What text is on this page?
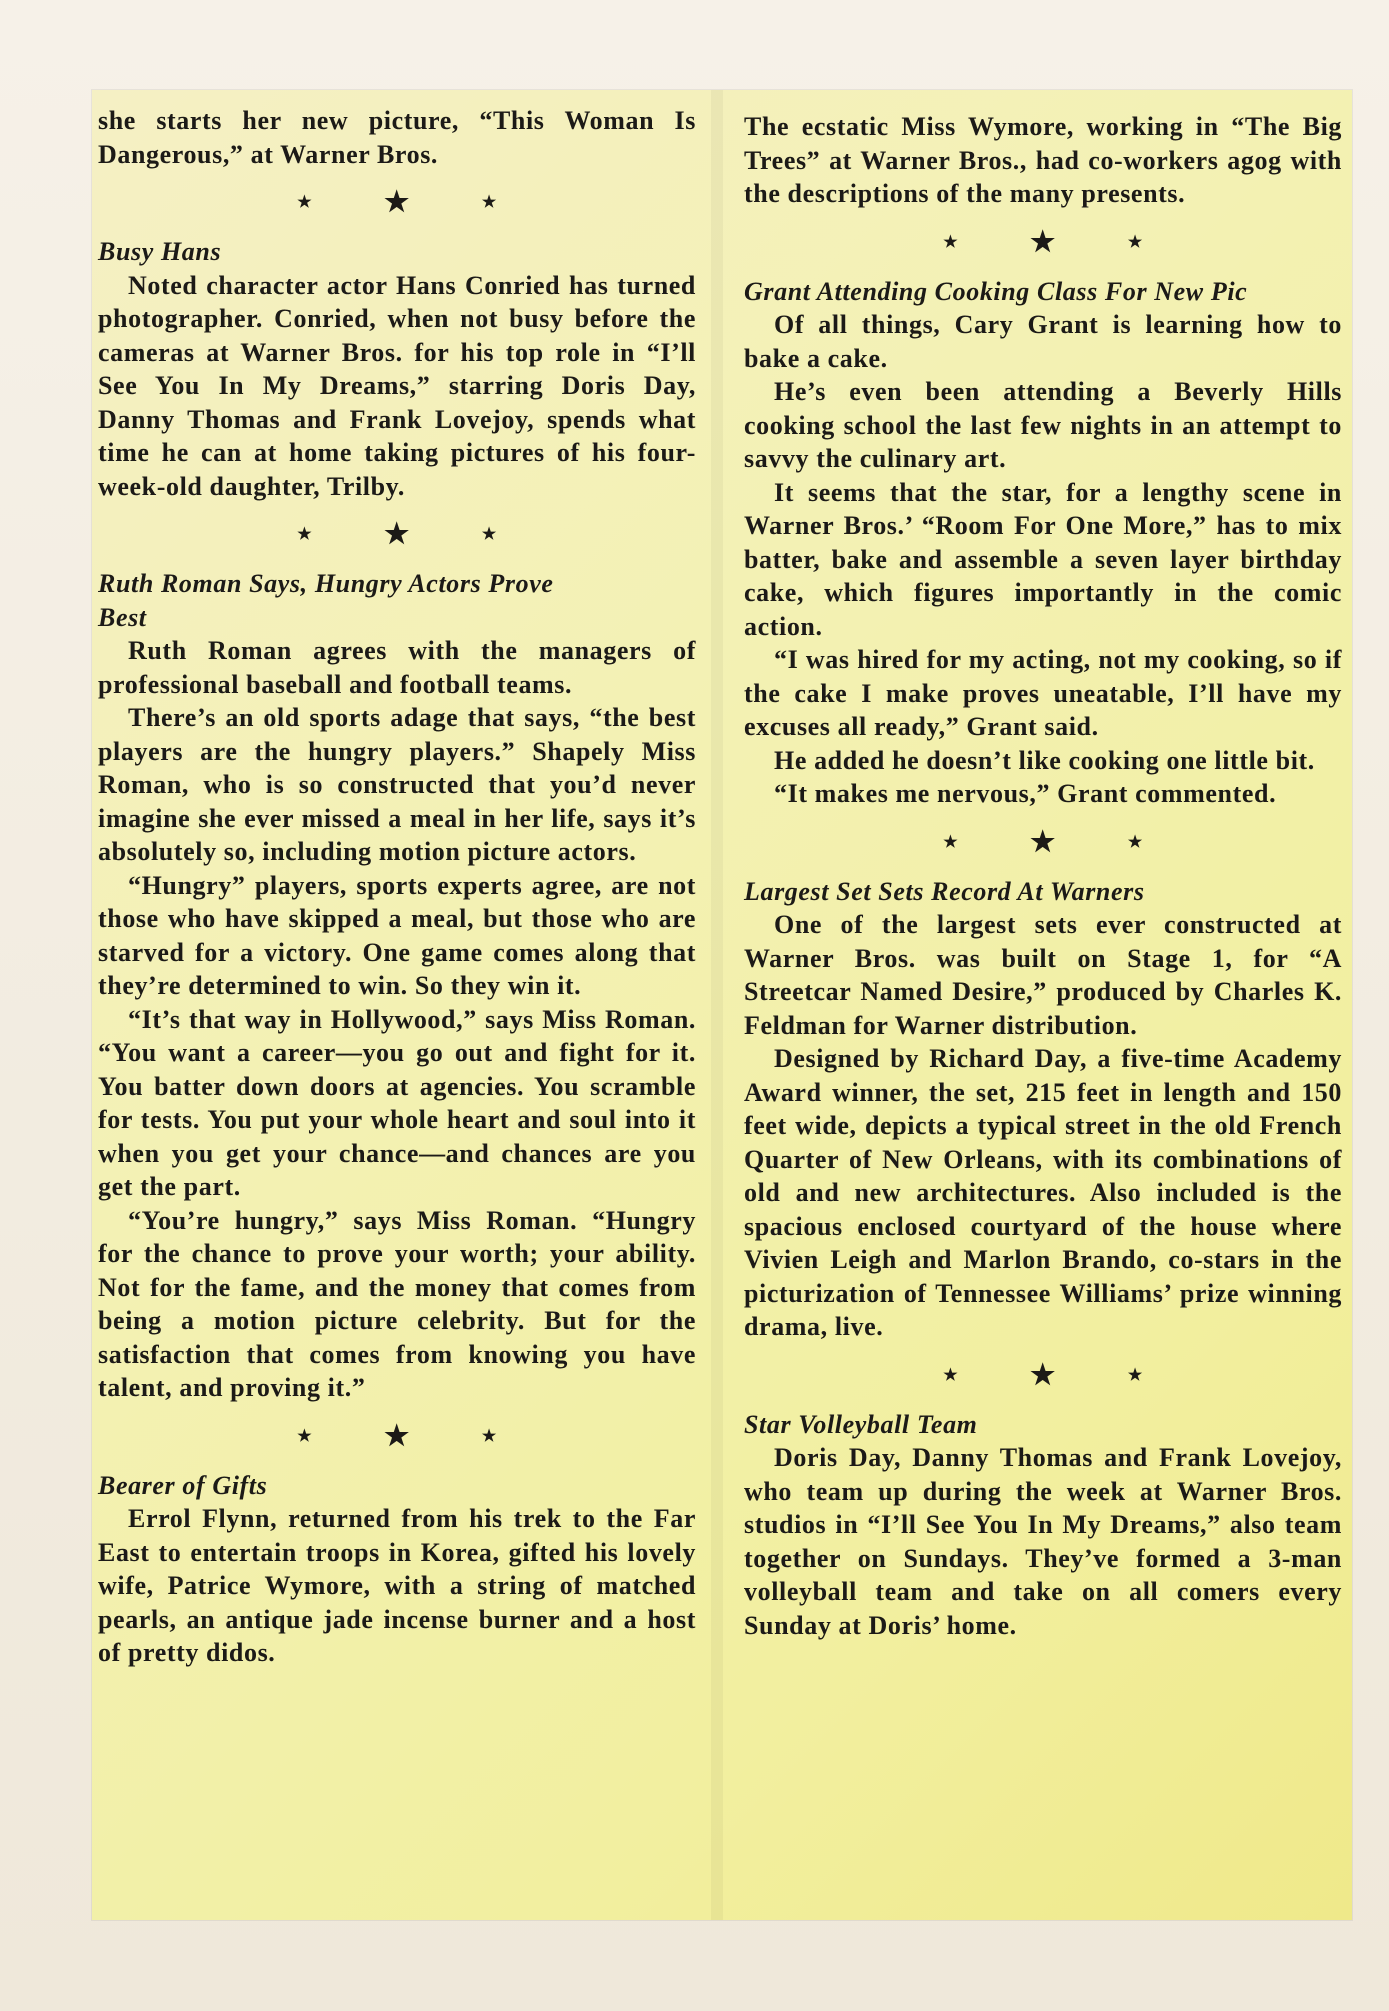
she starts her new picture, “This Woman Is Dangerous,” at Warner Bros.

★	★	★
Busy Hans

Noted character actor Hans Conried has turned photographer. Conried, when not busy before the cameras at Warner Bros. for his top role in “I’ll See You In My Dreams,” starring Doris Day, Danny Thomas and Frank Lovejoy, spends what time he can at home taking pictures of his four-week-old daughter, Trilby.

★	★	★
Ruth Roman Says, Hungry Actors Prove Best

Ruth Roman agrees with the managers of professional baseball and football teams.

There’s an old sports adage that says, “the best players are the hungry players.” Shapely Miss Roman, who is so constructed that you’d never imagine she ever missed a meal in her life, says it’s absolutely so, including motion picture actors.

“Hungry” players, sports experts agree, are not those who have skipped a meal, but those who are starved for a victory. One game comes along that they’re determined to win. So they win it.

“It’s that way in Hollywood,” says Miss Roman. “You want a career—you go out and fight for it. You batter down doors at agencies. You scramble for tests. You put your whole heart and soul into it when you get your chance—and chances are you get the part.

“You’re hungry,” says Miss Roman. “Hungry for the chance to prove your worth; your ability. Not for the fame, and the money that comes from being a motion picture celebrity. But for the satisfaction that comes from knowing you have talent, and proving it.”

★	★	★
Bearer of Gifts

Errol Flynn, returned from his trek to the Far East to entertain troops in Korea, gifted his lovely wife, Patrice Wymore, with a string of matched pearls, an antique jade incense burner and a host of pretty didos.

The ecstatic Miss Wymore, working in “The Big Trees” at Warner Bros., had co-workers agog with the descriptions of the many presents.

★	★	★
Grant Attending Cooking Class For New Pic

Of all things, Cary Grant is learning how to bake a cake.

He’s even been attending a Beverly Hills cooking school the last few nights in an attempt to savvy the culinary art.

It seems that the star, for a lengthy scene in Warner Bros.’ “Room For One More,” has to mix batter, bake and assemble a seven layer birthday cake, which figures importantly in the comic action.

“I was hired for my acting, not my cooking, so if the cake I make proves uneatable, I’ll have my excuses all ready,” Grant said.

He added he doesn’t like cooking one little bit.

“It makes me nervous,” Grant commented.

★	★	★
Largest Set Sets Record At Warners

One of the largest sets ever constructed at Warner Bros. was built on Stage 1, for “A Streetcar Named Desire,” produced by Charles K. Feldman for Warner distribution.

Designed by Richard Day, a five-time Academy Award winner, the set, 215 feet in length and 150 feet wide, depicts a typical street in the old French Quarter of New Orleans, with its combinations of old and new architectures. Also included is the spacious enclosed courtyard of the house where Vivien Leigh and Marlon Brando, co-stars in the picturization of Tennessee Williams’ prize winning drama, live.

★	★	★
Star Volleyball Team

Doris Day, Danny Thomas and Frank Lovejoy, who team up during the week at Warner Bros. studios in “I’ll See You In My Dreams,” also team together on Sundays. They’ve formed a 3-man volleyball team and take on all comers every Sunday at Doris’ home.
